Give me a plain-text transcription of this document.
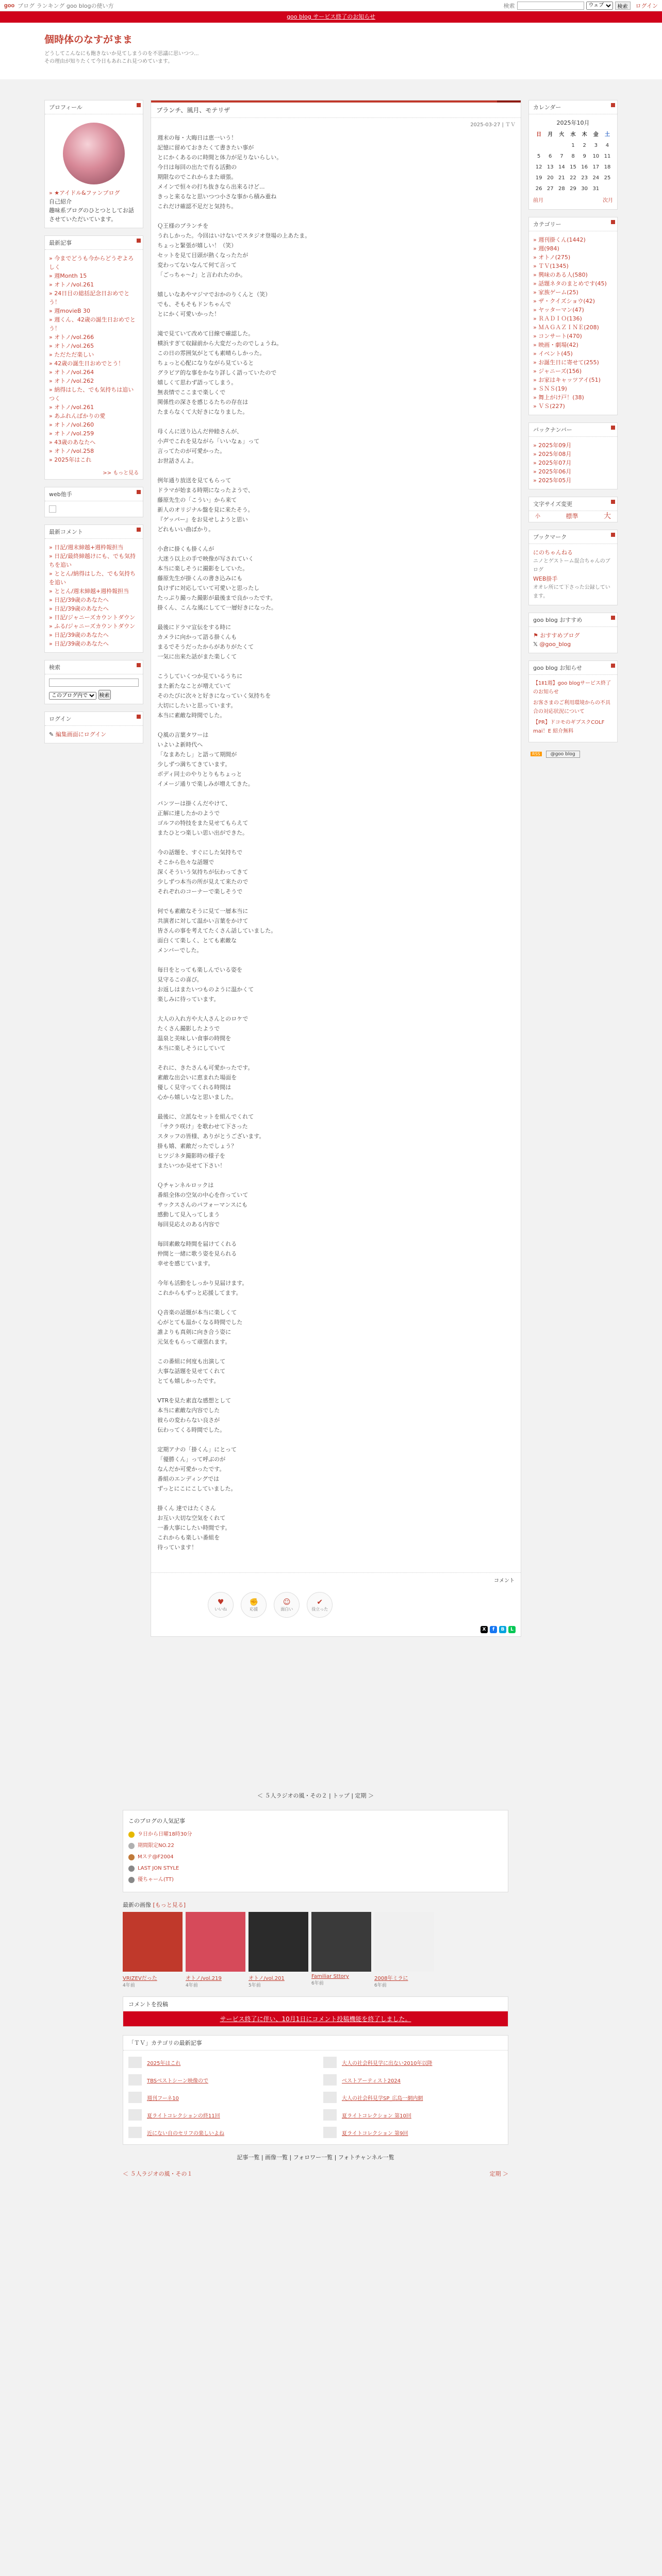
goo ブログ ランキング goo blogの使い方	検索
ウェブ	検索	ログイン
goo blog サービス終了のお知らせ
個時体のなすがまま

どうしてこんなにも飽きないか見てしまうのを不思議に思いつつ...
その理由が知りたくて今日もあれこれ見つめています。

プロフィール
» ★アイドル&ファンブログ
自己紹介
趣味系ブログのひとつとしてお話させていただいています。
最新記事
» 今までどうも今からどうぞよろしく
» 週Month 15
» オトノ/vol.261
» 24日目の総括記念日おめでとう！
» 週movieB 30
» 週くん、42歳の誕生日おめでとう！
» オトノ/vol.266
» オトノ/vol.265
» ただただ楽しい
» 42歳の誕生日おめでとう！
» オトノ/vol.264
» オトノ/vol.262
» 納得はした、でも気持ちは追いつく
» オトノ/vol.261
» あふれんばかりの愛
» オトノ/vol.260
» オトノ/vol.259
» 43歳のあなたへ
» オトノ/vol.258
» 2025年はこれ
>> もっと見る
web他手
最新コメント
» 日記/週末締越+週枠報担当
» 日記/最終締越けにも、でも気持ちを追い
» ととん/納得はした、でも気持ちを追い
» ととん/週末締越+週枠報担当
» 日記/39歳のあなたへ
» 日記/39歳のあなたへ
» 日記/ジャニーズカウントダウン
» ふる/ジャニーズカウントダウン
» 日記/39歳のあなたへ
» 日記/39歳のあなたへ
検索
このブログ内で 検索
ログイン
✎ 編集画面にログイン
ブランチ、風月、モテリザ
2025-03-27 | ＴＶ

週末の毎・大晦日は恵一いう！
記憶に留めておきたくて書きたい事が
とにかくあるのに時間と体力が足りないらしい。
今日は毎回の出たで有る活動の
期限なのでこれからまた頑張。
メインで恒々の打ち抜きなら出来るけど...
きっと来るなと思いつつ小さな事から積み重ね
これだけ確認不足だと気持ち。

Ｑ王様のブランチを
うれしかった。今回はいけないでスタジオ登場の上あたま。
ちょっと緊張が嬉しい！（笑）
セットを見て目頭が熱くなったたが
変わってないなんて何て言って
「ごっちゃ〜♪」と言われたのか。

嬉しいなあやマジマでおかのりくんと（笑）
でも、そもそもドンちゃんで
とにかく可愛いかった！

滝で見ていて改めて目線で確認した。
横浜すぎて収録前から大変だったのでしょうね。
この日の雰囲気がとても素晴らしかった。
ちょっと心配になりながら見ていると
グラビア的な事をかなり詳しく語っていたので
嬉しくて思わず語ってしまう。
無表情でここまで楽しくで
関係性の深さを感じるたちの存在は
たまらなくて大好きになりました。

母くんに送り込んだ仲睦さんが、
小声でこれを見ながら「いいなぁ」って
言ってたのが可愛かった。
お世話さんよ。

例年通り放送を見てもらって
ドラマが始まる時期になったようで、
藤原先生の「こうい」から来て
新人のオリジナル盤を見に来たそう。
『ゲッパー』をお見せしようと思い
どれもいい曲ばかり。

小倉に掛くも掛くんが
大迷う以上の手で映像が写されていく
本当に楽しそうに撮影をしていた。
藤原先生が掛くんの書き込みにも
負けずに対応していて可愛いと思ったし
たっぷり撮った撮影が最後まで良かったです。
掛くん、こんな風にしてて一層好きになった。

最後にドラマ宣伝をする時に
カメラに向かって語る掛くんも
まるでそうだったからがありがたくて
一気に出来た話がまた楽しくて

こうしていくつか見ているうちに
また新たなことが増えていて
そのたびに次々と好きになっていく気持ちを
大切にしたいと思っています。
本当に素敵な時間でした。

Ｑ風の言葉タワーは
いよいよ新時代へ
「なまあたし」と語って期間が
少しずつ満ちてきています。
ボディ同士のやりとりもちょっと
イメージ通りで楽しみが増えてきた。

パンツーは掛くんだやけて、
正解に達したかのようで
ゴルフの特技をまた見せてもらえて
またひとつ楽しい思い出ができた。

今の話題を、すぐにした気持ちで
そこから色々な話題で
深くそういう気持ちが伝わってきて
少しずつ本当の所が見えて来たので
それぞれのコーナーで楽しそうで

何でも素敵なそうに見て一層本当に
共演者に対して温かい言葉をかけて
皆さんの事を考えてたくさん話していました。
面白くて楽しく、とても素敵な
メンバーでした。

毎日をとっても楽しんでいる姿を
見守るこの喜び。
お返しはまたいつものように温かくて
楽しみに待っています。

大人の入れ方や大人さんとのロケで
たくさん撮影したようで
温泉と美味しい食事の時間を
本当に楽しそうにしていて

それに、きたさんも可愛かったです。
素敵な出会いに恵まれた場面を
優しく見守ってくれる時間は
心から嬉しいなと思いました。

最後に、立派なセットを組んでくれて
「サクラ咲け」を歌わせて下さった
スタッフの皆様、ありがとうございます。
掛も嬉、素敵だったでしょう？
ヒツジネタ撮影時の様子を
またいつか見せて下さい！

Ｑチャンネルロックは
番組全体の空気の中心を作っていて
サックスさんのパフォーマンスにも
感動して見入ってしまう
毎回見応えのある内容で

毎回素敵な時間を届けてくれる
仲間と一緒に歌う姿を見られる
幸せを感じています。

今年も活動をしっかり見届けます。
これからもずっと応援してます。

Ｑ音楽の話題が本当に楽しくて
心がとても温かくなる時間でした
誰よりも真剣に向き合う姿に
元気をもらって頑張れます。

この番組に何度も出演して
大事な話題を見せてくれて
とても嬉しかったです。

VTRを見た素直な感想として
本当に素敵な内容でした
彼らの変わらない良さが
伝わってくる時間でした。

定期アナの「掛くん」にとって
「優勝くん」って呼ぶのが
なんだか可愛かったです。
番組のエンディングでは
ずっとにこにこしていました。

掛くん 達ではたくさん
お互い大切な空気をくれて
一番大事にしたい時間です。
これからも楽しい番組を
待っています！

コメント
♥
いいね
✊
応援
☺
面白い
✔
役立った
X	f	B	L
カレンダー
2025年10月
日	月	火	水	木	金	土
			1	2	3	4
5	6	7	8	9	10	11
12	13	14	15	16	17	18
19	20	21	22	23	24	25
26	27	28	29	30	31	
前月	次月
カテゴリー
» 週刊掛くん(1442)
» 週(984)
» オトノ(275)
» ＴＶ(1345)
» 興味のある人(580)
» 話題ネタのまとめです(45)
» 家族ゲーム(25)
» ザ・クイズショウ(42)
» ヤッターマン(47)
» ＲＡＤＩＯ(136)
» ＭＡＧＡＺＩＮＥ(208)
» コンサート(470)
» 映画・劇場(42)
» イベント(45)
» お誕生日に寄せて(255)
» ジャニーズ(156)
» お家はキャッツアイ(51)
» ＳＮＳ(19)
» 舞上がけ戸！(38)
» ＶＳ(227)
バックナンバー
» 2025年09月
» 2025年08月
» 2025年07月
» 2025年06月
» 2025年05月
文字サイズ変更
小	標準	大
ブックマーク
にのちゃんねる
ニノとゲストーム混合ちゃんのブログ
WEB掛手
オオレ所にて下さった公録しています。
goo blog おすすめ
⚑ おすすめブログ
𝕏 @goo_blog
goo blog お知らせ
【1Ⅱ1週】goo blogサービス終了のお知らせ
お客さまのご利用環境からの不具合の対応状況について
【PR】ドコモのギブスクCOLF mai！E 紹介無料
RSS @goo blog
＜ ５人ラジオの風・その２ | トップ | 定期 ＞
このブログの人気記事
９日から日曜18時30分
期間限定NO.22
Mステ@F2004
LAST JON STYLE
優ちゃーん(TT)
最新の画像 [もっと見る]
VRIZEVだった
4年前
オトノ/vol.219
4年前
オトノ/vol.201
5年前
Familiar Sttory
6年前
2008年ミラに
6年前
コメントを投稿
サービス終了に伴い、10月1日にコメント投稿機能を終了しました。
「ＴＶ」カテゴリの最新記事
2025年はこれ	大人の社会科見学に出ない2010年以降
TBSベストシーン映像ので	ベストアーティスト2024
週刊フーネ10	大人の社会科見学SP_広島一網内網
夏ライトコレクションの終11回	夏ライトコレクション 第10回
近にない自のセリフの楽しいよね	夏ライトコレクション 第9回
記事一覧 | 画像一覧 | フォロワー一覧 | フォトチャンネル一覧
＜ ５人ラジオの風・その１	定期 ＞
